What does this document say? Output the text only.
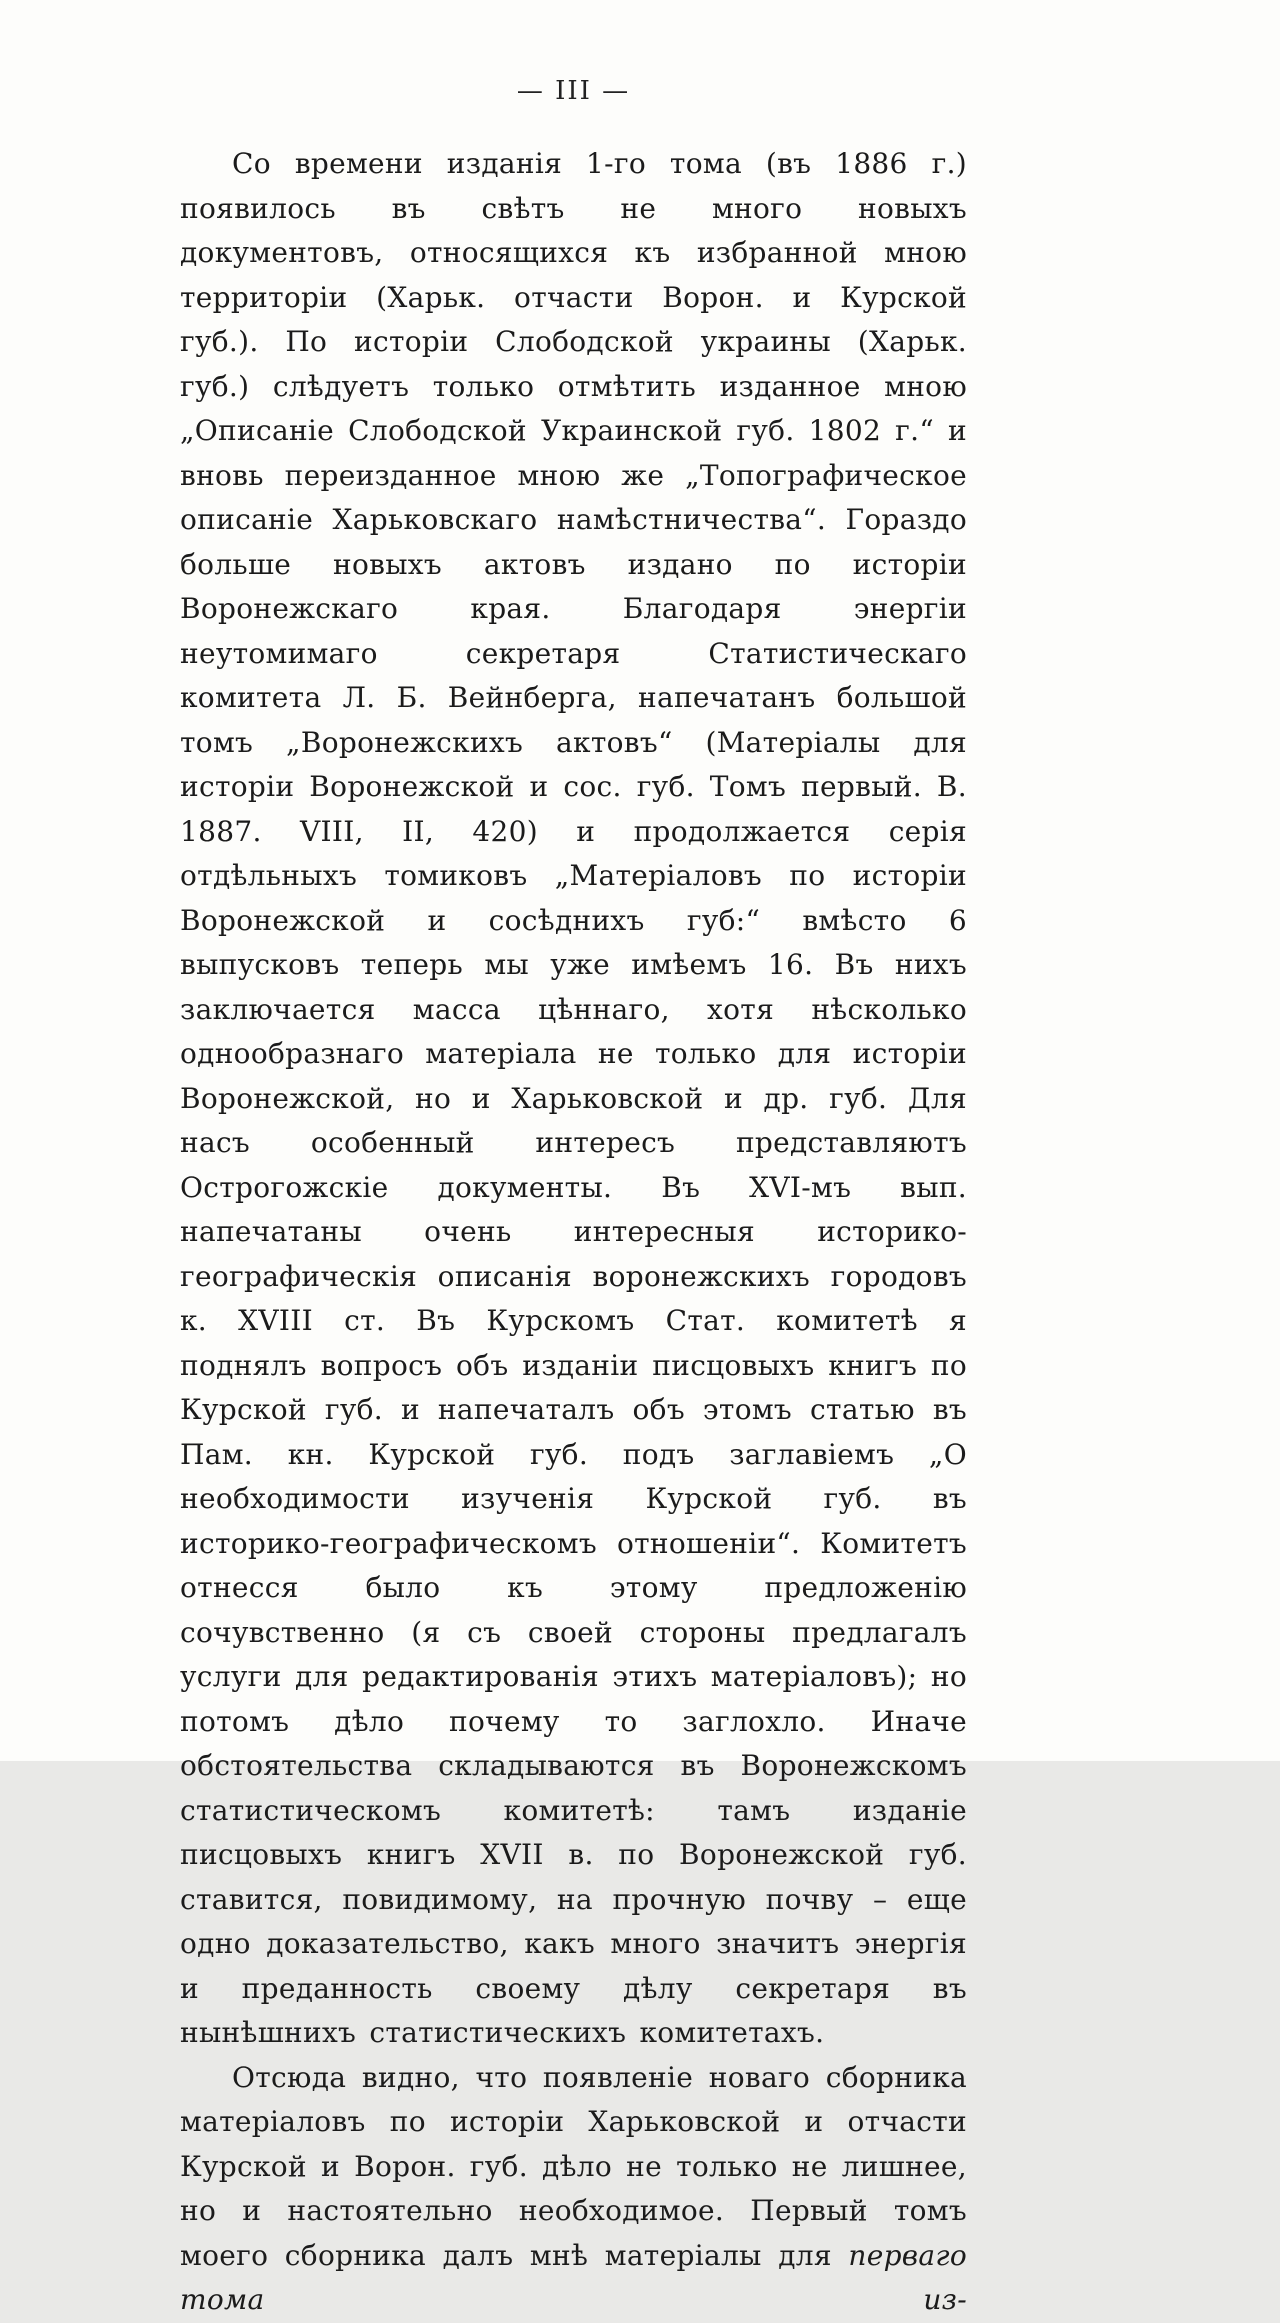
— III —

Со времени изданія 1-го тома (въ 1886 г.) появилось въ свѣтъ не много новыхъ документовъ, относящихся къ избранной мною территоріи (Харьк. отчасти Ворон. и Курской губ.). По исторіи Слободской украины (Харьк. губ.) слѣдуетъ только отмѣтить изданное мною „Описаніе Слободской Украинской губ. 1802 г.“ и вновь переизданное мною же „Топографическое описаніе Харьковскаго намѣстничества“. Гораздо больше новыхъ актовъ издано по исторіи Воронежскаго края. Благодаря энергіи неутомимаго секретаря Статистическаго комитета Л. Б. Вейнберга, напечатанъ большой томъ „Воронежскихъ актовъ“ (Матеріалы для исторіи Воронежской и сос. губ. Томъ первый. В. 1887. VIII, II, 420) и продолжается серія отдѣльныхъ томиковъ „Матеріаловъ по исторіи Воронежской и сосѣднихъ губ:“ вмѣсто 6 выпусковъ теперь мы уже имѣемъ 16. Въ нихъ заключается масса цѣннаго, хотя нѣсколько однообразнаго матеріала не только для исторіи Воронежской, но и Харьковской и др. губ. Для насъ особенный интересъ представляютъ Острогожскіе документы. Въ XVI-мъ вып. напечатаны очень интересныя историко-географическія описанія воронежскихъ городовъ к. XVIII ст. Въ Курскомъ Стат. комитетѣ я поднялъ вопросъ объ изданіи писцовыхъ книгъ по Курской губ. и напечаталъ объ этомъ статью въ Пам. кн. Курской губ. подъ заглавіемъ „О необходимости изученія Курской губ. въ историко-географическомъ отношеніи“. Комитетъ отнесся было къ этому предложенію сочувственно (я съ своей стороны предлагалъ услуги для редактированія этихъ матеріаловъ); но потомъ дѣло почему то заглохло. Иначе обстоятельства складываются въ Воронежскомъ статистическомъ комитетѣ: тамъ изданіе писцовыхъ книгъ XVII в. по Воронежской губ. ставится, повидимому, на прочную почву – еще одно доказательство, какъ много значитъ энергія и преданность своему дѣлу секретаря въ нынѣшнихъ статистическихъ комитетахъ.

Отсюда видно, что появленіе новаго сборника матеріаловъ по исторіи Харьковской и отчасти Курской и Ворон. губ. дѣло не только не лишнее, но и настоятельно необходимое. Первый томъ моего сборника далъ мнѣ матеріалы для перваго тома из-
